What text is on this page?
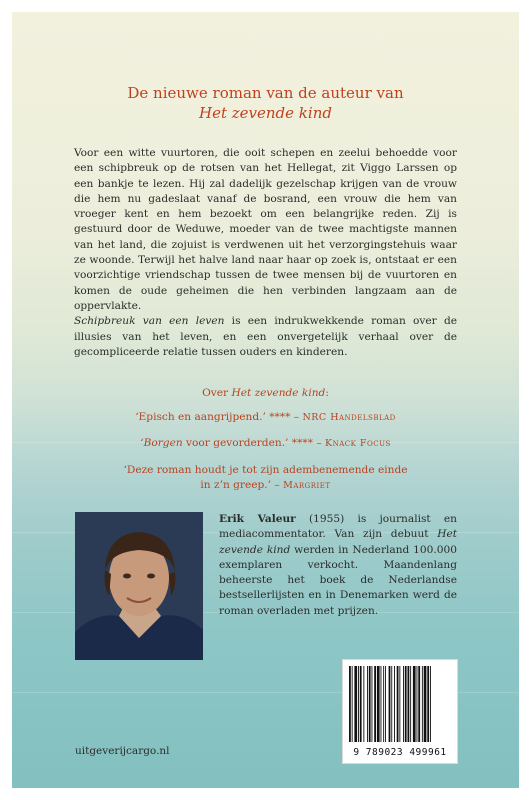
De nieuwe roman van de auteur van
Het zevende kind

Voor een witte vuurtoren, die ooit schepen en zeelui behoedde voor een schipbreuk op de rotsen van het Hellegat, zit Viggo Larssen op een bankje te lezen. Hij zal dadelijk gezelschap krijgen van de vrouw die hem nu gadeslaat vanaf de bosrand, een vrouw die hem van vroeger kent en hem bezoekt om een belangrijke reden. Zij is gestuurd door de Weduwe, moeder van de twee machtigste mannen van het land, die zojuist is verdwenen uit het verzorgingstehuis waar ze woonde. Terwijl het halve land naar haar op zoek is, ontstaat er een voorzichtige vriendschap tussen de twee mensen bij de vuurtoren en komen de oude geheimen die hen verbinden langzaam aan de oppervlakte.

Schipbreuk van een leven is een indrukwekkende roman over de illusies van het leven, en een onvergetelijk verhaal over de gecompliceerde relatie tussen ouders en kinderen.

Over Het zevende kind:
‘Episch en aangrijpend.’ **** – NRC Handelsblad
‘Borgen voor gevorderden.’ **** – Knack Focus
‘Deze roman houdt je tot zijn adembenemende einde
in z’n greep.’ – Margriet
Erik Valeur (1955) is journalist en mediacommentator. Van zijn debuut Het zevende kind werden in Nederland 100.000 exemplaren verkocht. Maandenlang beheerste het boek de Nederlandse bestsellerlijsten en in Denemarken werd de roman overladen met prijzen.
uitgeverijcargo.nl	9 789023 499961
